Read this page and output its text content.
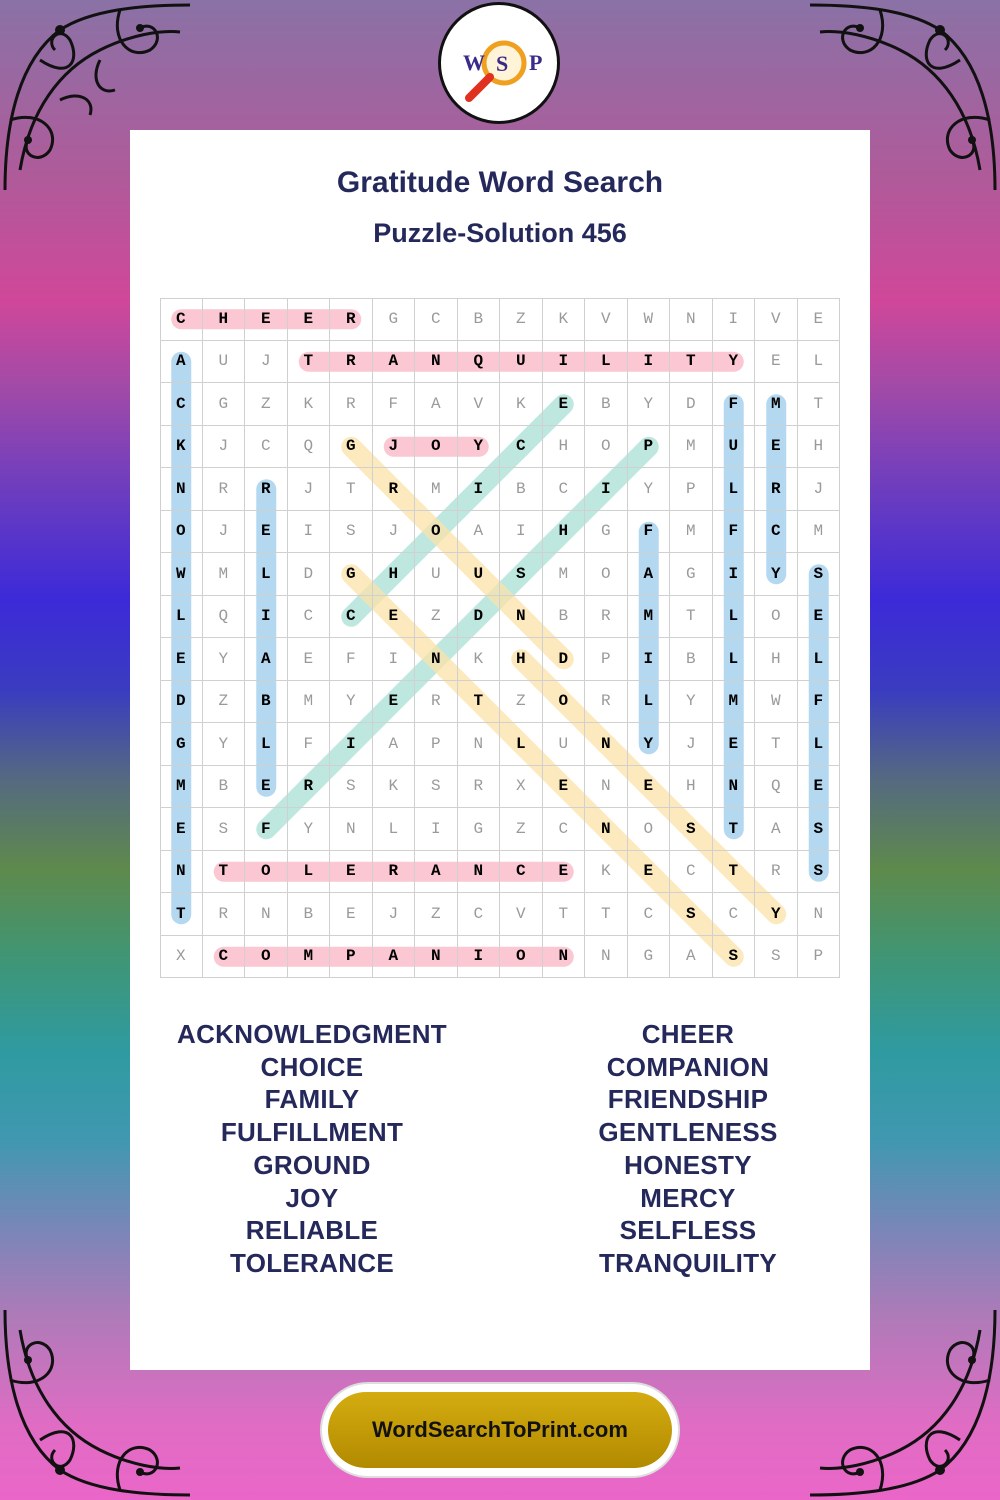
W S P
Gratitude Word Search
Puzzle-Solution 456
C	H	E	E	R	G	C	B	Z	K	V	W	N	I	V	E
A	U	J	T	R	A	N	Q	U	I	L	I	T	Y	E	L
C	G	Z	K	R	F	A	V	K	E	B	Y	D	F	M	T
K	J	C	Q	G	J	O	Y	C	H	O	P	M	U	E	H
N	R	R	J	T	R	M	I	B	C	I	Y	P	L	R	J
O	J	E	I	S	J	O	A	I	H	G	F	M	F	C	M
W	M	L	D	G	H	U	U	S	M	O	A	G	I	Y	S
L	Q	I	C	C	E	Z	D	N	B	R	M	T	L	O	E
E	Y	A	E	F	I	N	K	H	D	P	I	B	L	H	L
D	Z	B	M	Y	E	R	T	Z	O	R	L	Y	M	W	F
G	Y	L	F	I	A	P	N	L	U	N	Y	J	E	T	L
M	B	E	R	S	K	S	R	X	E	N	E	H	N	Q	E
E	S	F	Y	N	L	I	G	Z	C	N	O	S	T	A	S
N	T	O	L	E	R	A	N	C	E	K	E	C	T	R	S
T	R	N	B	E	J	Z	C	V	T	T	C	S	C	Y	N
X	C	O	M	P	A	N	I	O	N	N	G	A	S	S	P
ACKNOWLEDGMENT
CHOICE
FAMILY
FULFILLMENT
GROUND
JOY
RELIABLE
TOLERANCE
CHEER
COMPANION
FRIENDSHIP
GENTLENESS
HONESTY
MERCY
SELFLESS
TRANQUILITY
WordSearchToPrint.com
